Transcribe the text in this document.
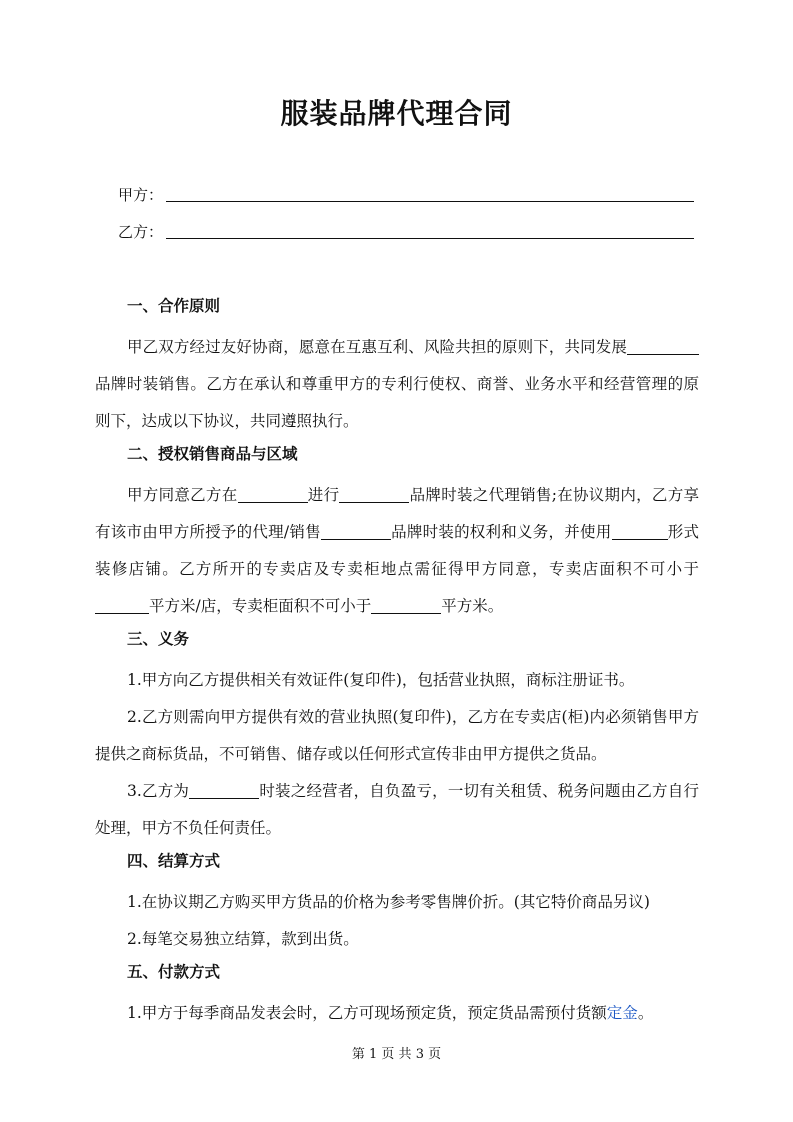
服装品牌代理合同
甲方：
乙方：
一、合作原则
甲乙双方经过友好协商，愿意在互惠互利、风险共担的原则下，共同发展品牌时装销售。乙方在承认和尊重甲方的专利行使权、商誉、业务水平和经营管理的原则下，达成以下协议，共同遵照执行。
二、授权销售商品与区域
甲方同意乙方在	进行	品牌时装之代理销售;在协议期内，乙方享有该市由甲方所授予的代理/销售	品牌时装的权利和义务，并使用	形式装修店铺。乙方所开的专卖店及专卖柜地点需征得甲方同意，专卖店面积不可小于平方米/店，专卖柜面积不可小于	平方米。
三、义务
1.甲方向乙方提供相关有效证件(复印件)，包括营业执照，商标注册证书。
2.乙方则需向甲方提供有效的营业执照(复印件)，乙方在专卖店(柜)内必须销售甲方提供之商标货品，不可销售、储存或以任何形式宣传非由甲方提供之货品。
3.乙方为	时装之经营者，自负盈亏，一切有关租赁、税务问题由乙方自行处理，甲方不负任何责任。
四、结算方式
1.在协议期乙方购买甲方货品的价格为参考零售牌价折。(其它特价商品另议)
2.每笔交易独立结算，款到出货。
五、付款方式
1.甲方于每季商品发表会时，乙方可现场预定货，预定货品需预付货额定金。
第 1 页 共 3 页
